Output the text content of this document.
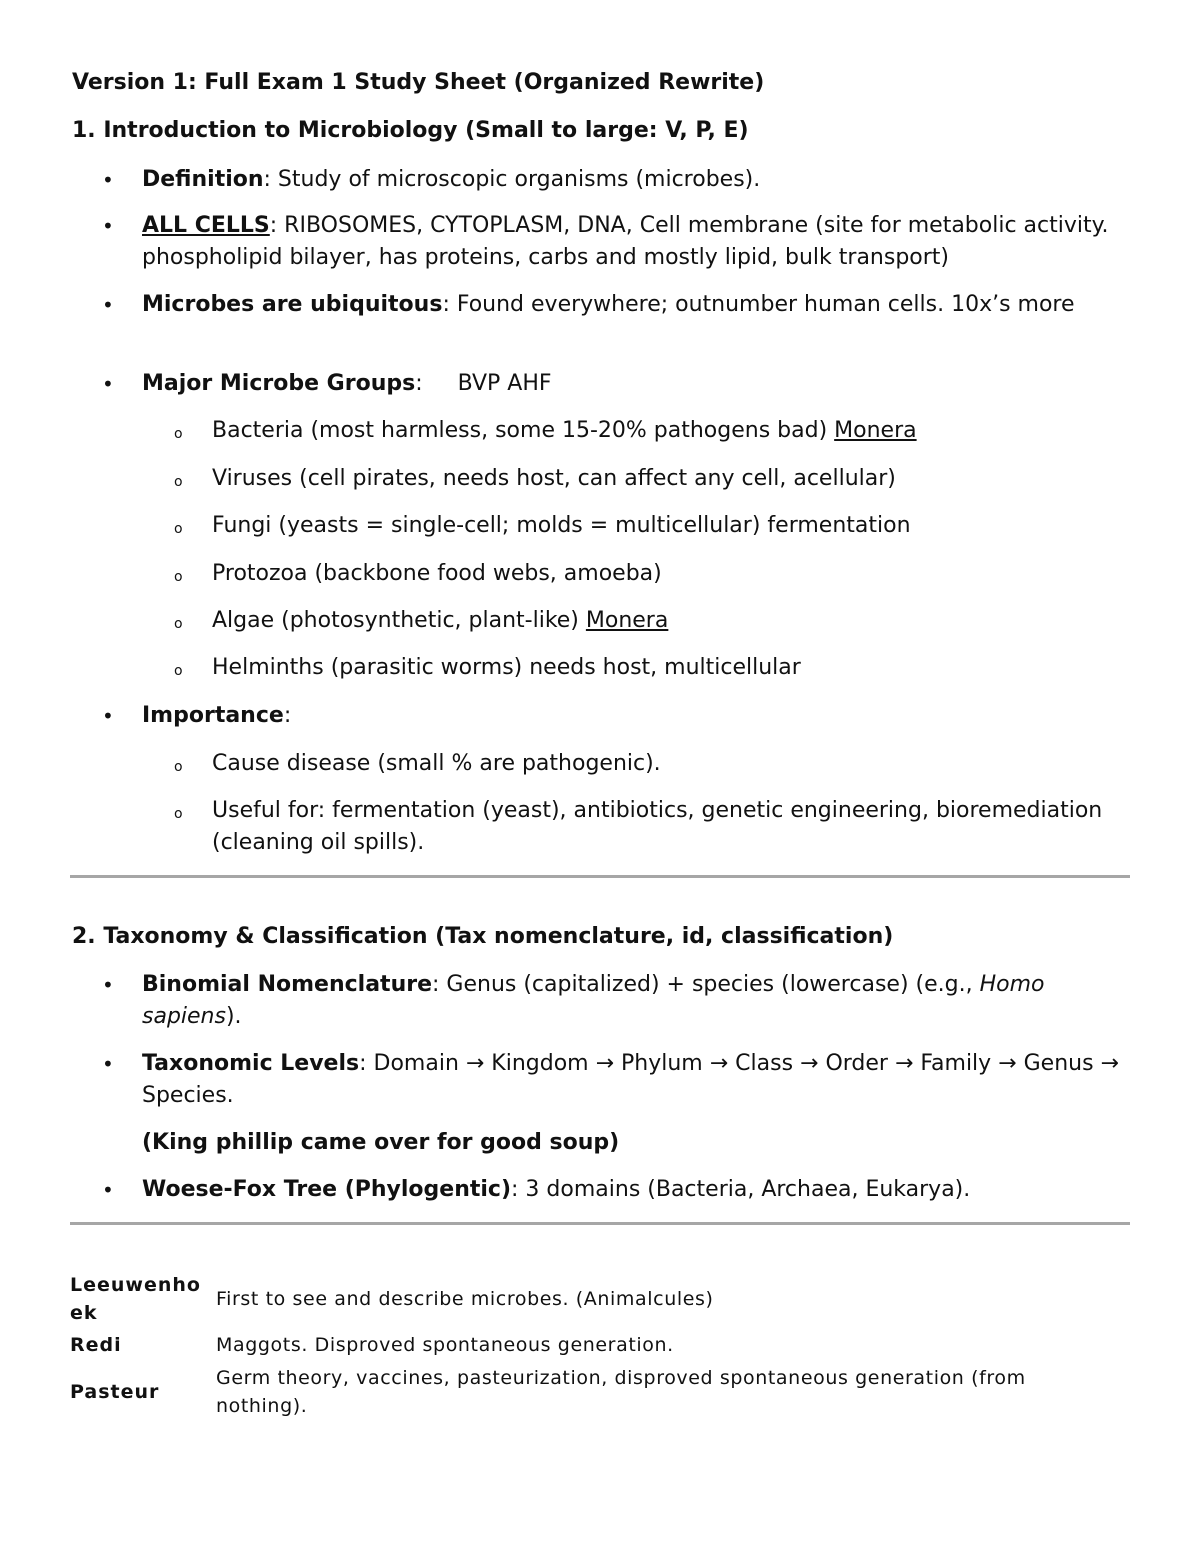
Version 1: Full Exam 1 Study Sheet (Organized Rewrite)
1. Introduction to Microbiology (Small to large: V, P, E)
• Definition: Study of microscopic organisms (microbes).
• ALL CELLS: RIBOSOMES, CYTOPLASM, DNA, Cell membrane (site for metabolic activity. phospholipid bilayer, has proteins, carbs and mostly lipid, bulk transport)
• Microbes are ubiquitous: Found everywhere; outnumber human cells. 10x’s more
• Major Microbe Groups:     BVP AHF
o Bacteria (most harmless, some 15-20% pathogens bad) Monera
o Viruses (cell pirates, needs host, can affect any cell, acellular)
o Fungi (yeasts = single-cell; molds = multicellular) fermentation
o Protozoa (backbone food webs, amoeba)
o Algae (photosynthetic, plant-like) Monera
o Helminths (parasitic worms) needs host, multicellular
• Importance:
o Cause disease (small % are pathogenic).
o Useful for: fermentation (yeast), antibiotics, genetic engineering, bioremediation (cleaning oil spills).
2. Taxonomy & Classification (Tax nomenclature, id, classification)
• Binomial Nomenclature: Genus (capitalized) + species (lowercase) (e.g., Homo sapiens).
• Taxonomic Levels: Domain → Kingdom → Phylum → Class → Order → Family → Genus → Species.
(King phillip came over for good soup)
• Woese-Fox Tree (Phylogentic): 3 domains (Bacteria, Archaea, Eukarya).
Leeuwenhoek	First to see and describe microbes. (Animalcules)
Redi	Maggots. Disproved spontaneous generation.
Pasteur	Germ theory, vaccines, pasteurization, disproved spontaneous generation (from nothing).
